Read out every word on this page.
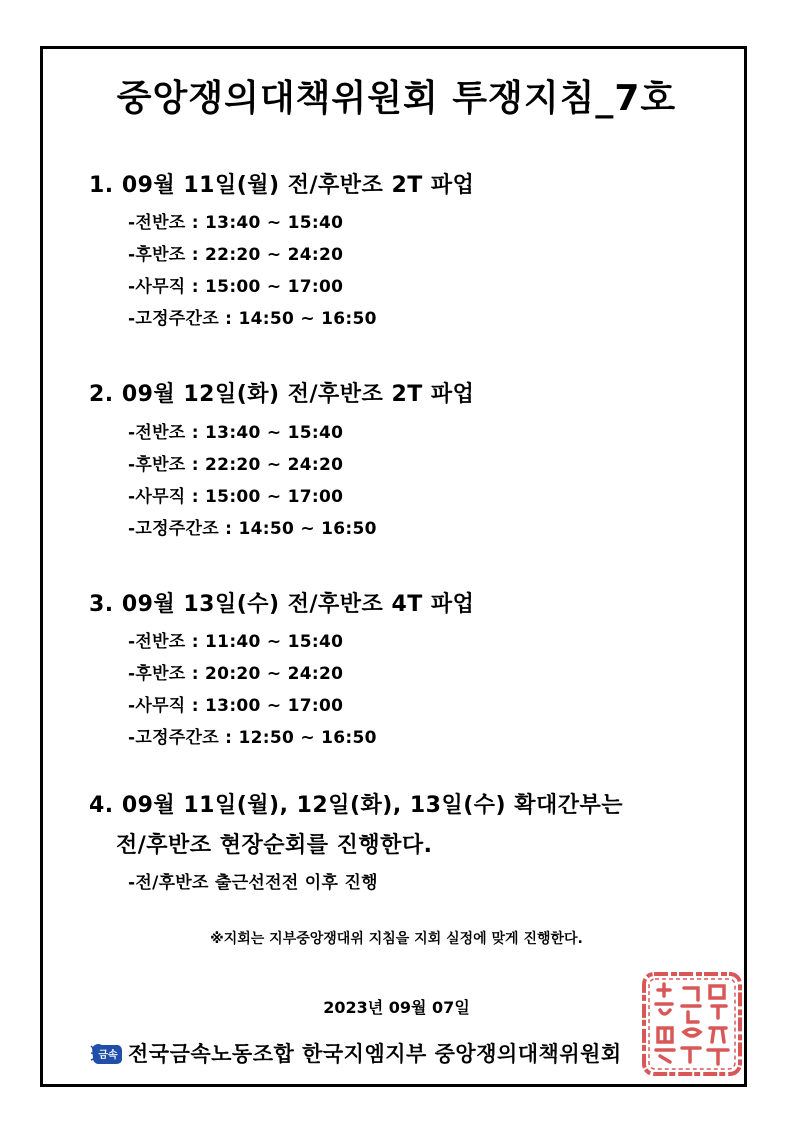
중앙쟁의대책위원회 투쟁지침_7호
1. 09월 11일(월) 전/후반조 2T 파업
-전반조 : 13:40 ~ 15:40
-후반조 : 22:20 ~ 24:20
-사무직 : 15:00 ~ 17:00
-고정주간조 : 14:50 ~ 16:50
2. 09월 12일(화) 전/후반조 2T 파업
-전반조 : 13:40 ~ 15:40
-후반조 : 22:20 ~ 24:20
-사무직 : 15:00 ~ 17:00
-고정주간조 : 14:50 ~ 16:50
3. 09월 13일(수) 전/후반조 4T 파업
-전반조 : 11:40 ~ 15:40
-후반조 : 20:20 ~ 24:20
-사무직 : 13:00 ~ 17:00
-고정주간조 : 12:50 ~ 16:50
4. 09월 11일(월), 12일(화), 13일(수) 확대간부는
전/후반조 현장순회를 진행한다.
-전/후반조 출근선전전 이후 진행
※지회는 지부중앙쟁대위 지침을 지회 실정에 맞게 진행한다.
2023년 09월 07일
금속 전국금속노동조합 한국지엠지부 중앙쟁의대책위원회
